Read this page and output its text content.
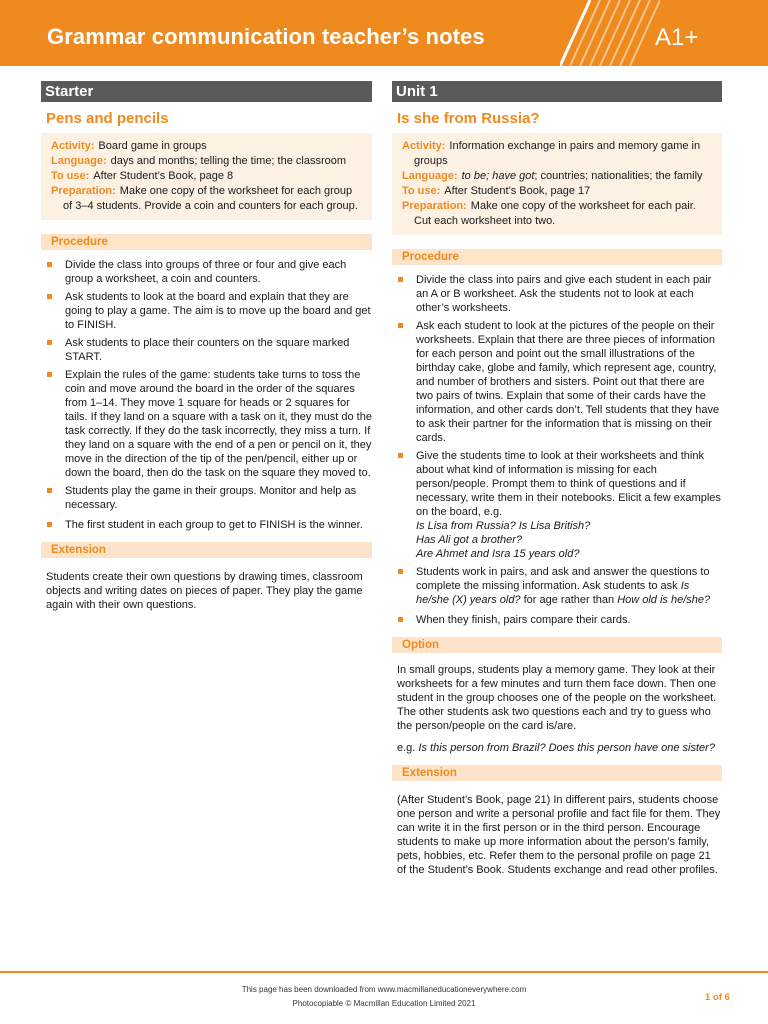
Grammar communication teacher’s notes	A1+
Starter
Pens and pencils
Activity: Board game in groups
Language: days and months; telling the time; the classroom
To use: After Student’s Book, page 8
Preparation: Make one copy of the worksheet for each group of 3–4 students. Provide a coin and counters for each group.
Procedure
Divide the class into groups of three or four and give each group a worksheet, a coin and counters.
Ask students to look at the board and explain that they are going to play a game. The aim is to move up the board and get to FINISH.
Ask students to place their counters on the square marked START.
Explain the rules of the game: students take turns to toss the coin and move around the board in the order of the squares from 1–14. They move 1 square for heads or 2 squares for tails. If they land on a square with a task on it, they must do the task correctly. If they do the task incorrectly, they miss a turn. If they land on a square with the end of a pen or pencil on it, they move in the direction of the tip of the pen/pencil, either up or down the board, then do the task on the square they moved to.
Students play the game in their groups. Monitor and help as necessary.
The first student in each group to get to FINISH is the winner.
Extension
Students create their own questions by drawing times, classroom objects and writing dates on pieces of paper. They play the game again with their own questions.
Unit 1
Is she from Russia?
Activity: Information exchange in pairs and memory game in groups
Language: to be; have got; countries; nationalities; the family
To use: After Student’s Book, page 17
Preparation: Make one copy of the worksheet for each pair. Cut each worksheet into two.
Procedure
Divide the class into pairs and give each student in each pair an A or B worksheet. Ask the students not to look at each other’s worksheets.
Ask each student to look at the pictures of the people on their worksheets. Explain that there are three pieces of information for each person and point out the small illustrations of the birthday cake, globe and family, which represent age, country, and number of brothers and sisters. Point out that there are two pairs of twins. Explain that some of their cards have the information, and other cards don’t. Tell students that they have to ask their partner for the information that is missing on their cards.
Give the students time to look at their worksheets and think about what kind of information is missing for each person/people. Prompt them to think of questions and if necessary, write them in their notebooks. Elicit a few examples on the board, e.g.
Is Lisa from Russia? Is Lisa British?
Has Ali got a brother?
Are Ahmet and Isra 15 years old?
Students work in pairs, and ask and answer the questions to complete the missing information. Ask students to ask Is he/she (X) years old? for age rather than How old is he/she?
When they finish, pairs compare their cards.
Option
In small groups, students play a memory game. They look at their worksheets for a few minutes and turn them face down. Then one student in the group chooses one of the people on the worksheet. The other students ask two questions each and try to guess who the person/people on the card is/are.
e.g. Is this person from Brazil? Does this person have one sister?
Extension
(After Student’s Book, page 21) In different pairs, students choose one person and write a personal profile and fact file for them. They can write it in the first person or in the third person. Encourage students to make up more information about the person’s family, pets, hobbies, etc. Refer them to the personal profile on page 21 of the Student’s Book. Students exchange and read other profiles.
This page has been downloaded from www.macmillaneducationeverywhere.com
Photocopiable © Macmillan Education Limited 2021
1 of 6
